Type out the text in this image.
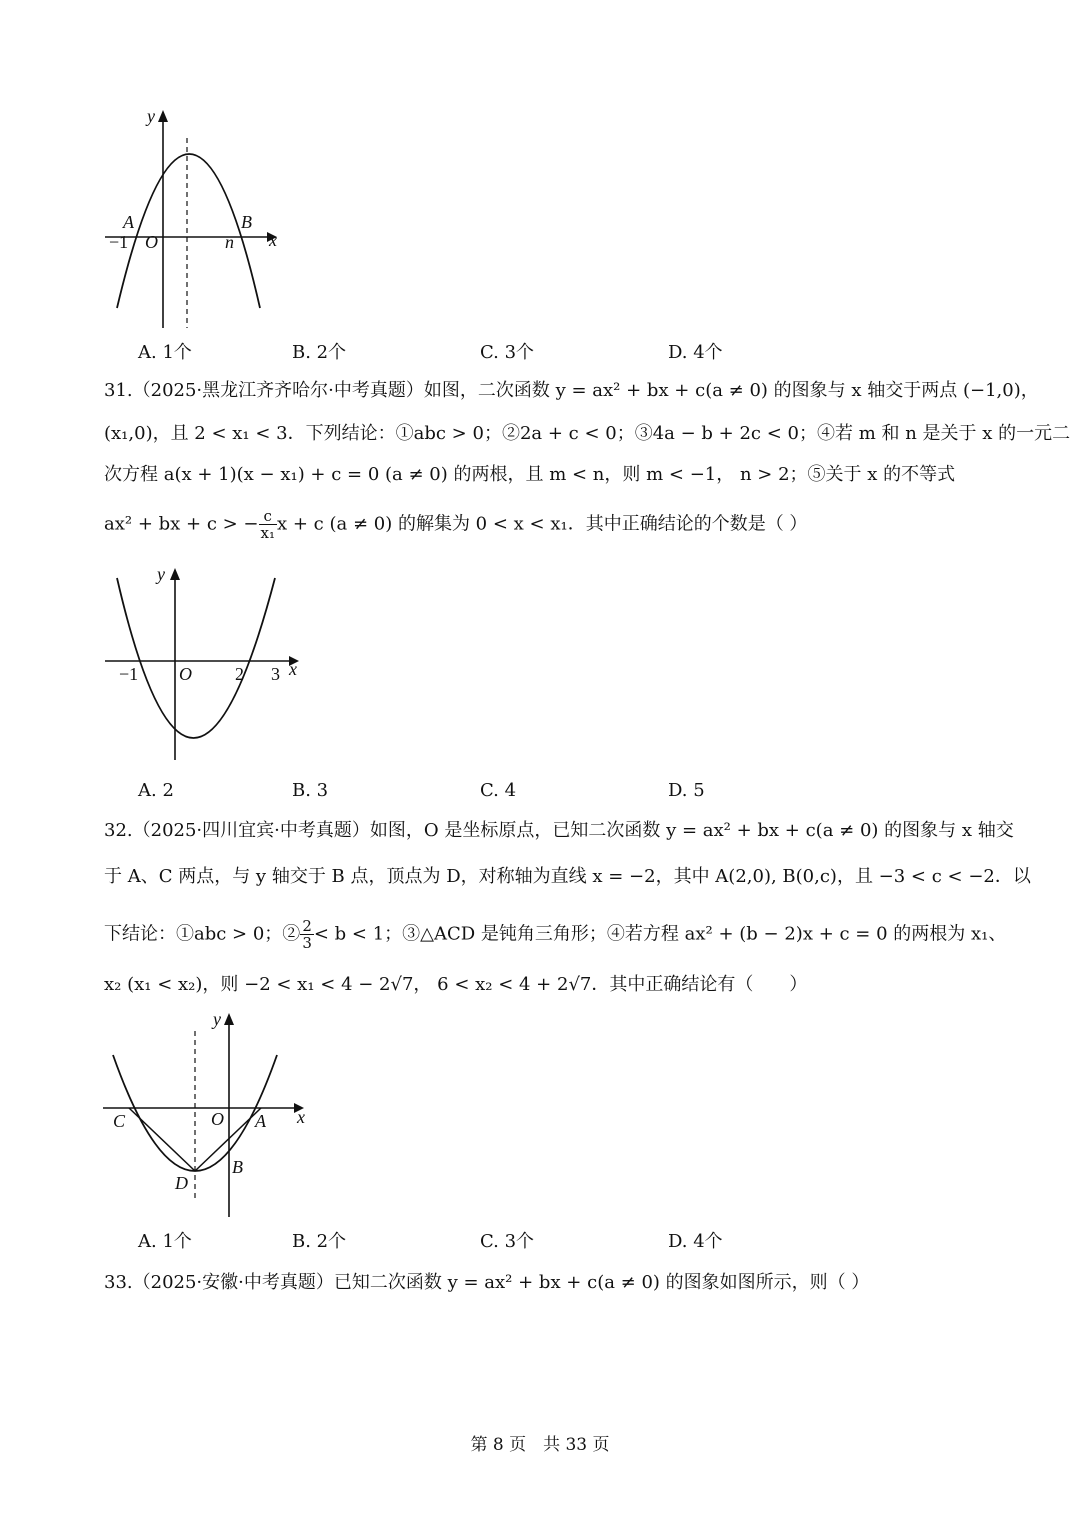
y
x
A	B
−1 O	n
A. 1个	B. 2个	C. 3个	D. 4个
31.（2025·黑龙江齐齐哈尔·中考真题）如图，二次函数 y = ax² + bx + c(a ≠ 0) 的图象与 x 轴交于两点 (−1,0)，
(x₁,0)，且 2 < x₁ < 3．下列结论：①abc > 0；②2a + c < 0；③4a − b + 2c < 0；④若 m 和 n 是关于 x 的一元二
次方程 a(x + 1)(x − x₁) + c = 0 (a ≠ 0) 的两根，且 m < n，则 m < −1， n > 2；⑤关于 x 的不等式
ax² + bx + c > − $\frac{c}{\text{x₁}}$ x + c (a ≠ 0) 的解集为 0 < x < x₁．其中正确结论的个数是（ ）
y
x
−1 O 2 3
A. 2	B. 3	C. 4	D. 5
32.（2025·四川宜宾·中考真题）如图，O 是坐标原点，已知二次函数 y = ax² + bx + c(a ≠ 0) 的图象与 x 轴交
于 A、C 两点，与 y 轴交于 B 点，顶点为 D，对称轴为直线 x = −2，其中 A(2,0), B(0,c)，且 −3 < c < −2．以
下结论：①abc > 0；② $\frac{2}{3} < b < 1$；③△ACD 是钝角三角形；④若方程 ax² + (b − 2)x + c = 0 的两根为 x₁、
x₂ (x₁ < x₂)，则 −2 < x₁ < 4 − 2√7， 6 < x₂ < 4 + 2√7．其中正确结论有（　　）
y
x
C	O A
B
D
A. 1个	B. 2个	C. 3个	D. 4个
33.（2025·安徽·中考真题）已知二次函数 y = ax² + bx + c(a ≠ 0) 的图象如图所示，则（ ）
第 8 页　共 33 页
